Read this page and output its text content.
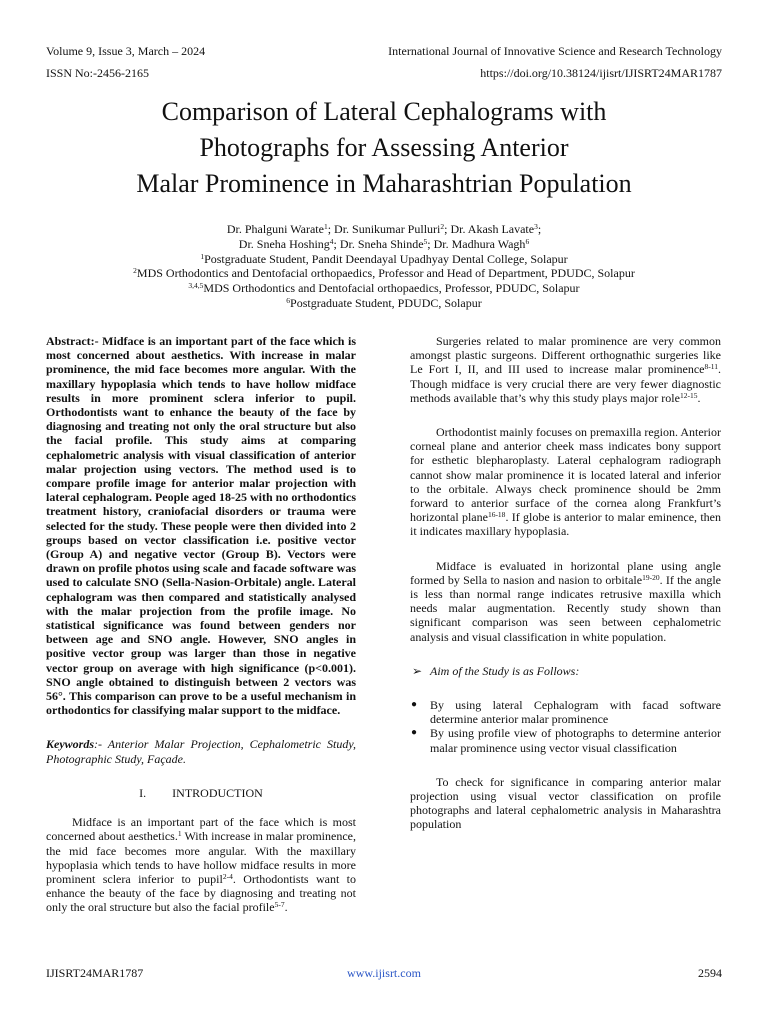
Volume 9, Issue 3, March – 2024	International Journal of Innovative Science and Research Technology
ISSN No:-2456-2165	https://doi.org/10.38124/ijisrt/IJISRT24MAR1787
Comparison of Lateral Cephalograms with
Photographs for Assessing Anterior
Malar Prominence in Maharashtrian Population
Dr. Phalguni Warate$^1$; Dr. Sunikumar Pulluri$^2$; Dr. Akash Lavate$^3$;
Dr. Sneha Hoshing$^4$; Dr. Sneha Shinde$^5$; Dr. Madhura Wagh$^6$
$^1$Postgraduate Student, Pandit Deendayal Upadhyay Dental College, Solapur
$^2$MDS Orthodontics and Dentofacial orthopaedics, Professor and Head of Department, PDUDC, Solapur
$^{3,4,5}$MDS Orthodontics and Dentofacial orthopaedics, Professor, PDUDC, Solapur
$^6$Postgraduate Student, PDUDC, Solapur

Abstract:- Midface is an important part of the face which is most concerned about aesthetics. With increase in malar prominence, the mid face becomes more angular. With the maxillary hypoplasia which tends to have hollow midface results in more prominent sclera inferior to pupil. Orthodontists want to enhance the beauty of the face by diagnosing and treating not only the oral structure but also the facial profile. This study aims at comparing cephalometric analysis with visual classification of anterior malar projection using vectors. The method used is to compare profile image for anterior malar projection with lateral cephalogram. People aged 18-25 with no orthodontics treatment history, craniofacial disorders or trauma were selected for the study. These people were then divided into 2 groups based on vector classification i.e. positive vector (Group A) and negative vector (Group B). Vectors were drawn on profile photos using scale and facade software was used to calculate SNO (Sella-Nasion-Orbitale) angle. Lateral cephalogram was then compared and statistically analysed with the malar projection from the profile image. No statistical significance was found between genders nor between age and SNO angle. However, SNO angles in positive vector group was larger than those in negative vector group on average with high significance (p<0.001). SNO angle obtained to distinguish between 2 vectors was 56°. This comparison can prove to be a useful mechanism in orthodontics for classifying malar support to the midface.

Keywords:- Anterior Malar Projection, Cephalometric Study, Photographic Study, Façade.

I. INTRODUCTION

Midface is an important part of the face which is most concerned about aesthetics.$^1$ With increase in malar prominence, the mid face becomes more angular. With the maxillary hypoplasia which tends to have hollow midface results in more prominent sclera inferior to pupil$^{2-4}$. Orthodontists want to enhance the beauty of the face by diagnosing and treating not only the oral structure but also the facial profile$^{5-7}$.

Surgeries related to malar prominence are very common amongst plastic surgeons. Different orthognathic surgeries like Le Fort I, II, and III used to increase malar prominence$^{8-11}$. Though midface is very crucial there are very fewer diagnostic methods available that’s why this study plays major role$^{12-15}$.

Orthodontist mainly focuses on premaxilla region. Anterior corneal plane and anterior cheek mass indicates bony support for esthetic blepharoplasty. Lateral cephalogram radiograph cannot show malar prominence it is located lateral and inferior to the orbitale. Always check prominence should be 2mm forward to anterior surface of the cornea along Frankfurt’s horizontal plane$^{16-18}$. If globe is anterior to malar eminence, then it indicates maxillary hypoplasia.

Midface is evaluated in horizontal plane using angle formed by Sella to nasion and nasion to orbitale$^{19-20}$. If the angle is less than normal range indicates retrusive maxilla which needs malar augmentation. Recently study shown than significant comparison was seen between cephalometric analysis and visual classification in white population.

➢ Aim of the Study is as Follows:
● By using lateral Cephalogram with facad software determine anterior malar prominence
● By using profile view of photographs to determine anterior malar prominence using vector visual classification

To check for significance in comparing anterior malar projection using visual vector classification on profile photographs and lateral cephalometric analysis in Maharashtra population

IJISRT24MAR1787	www.ijisrt.com	2594
